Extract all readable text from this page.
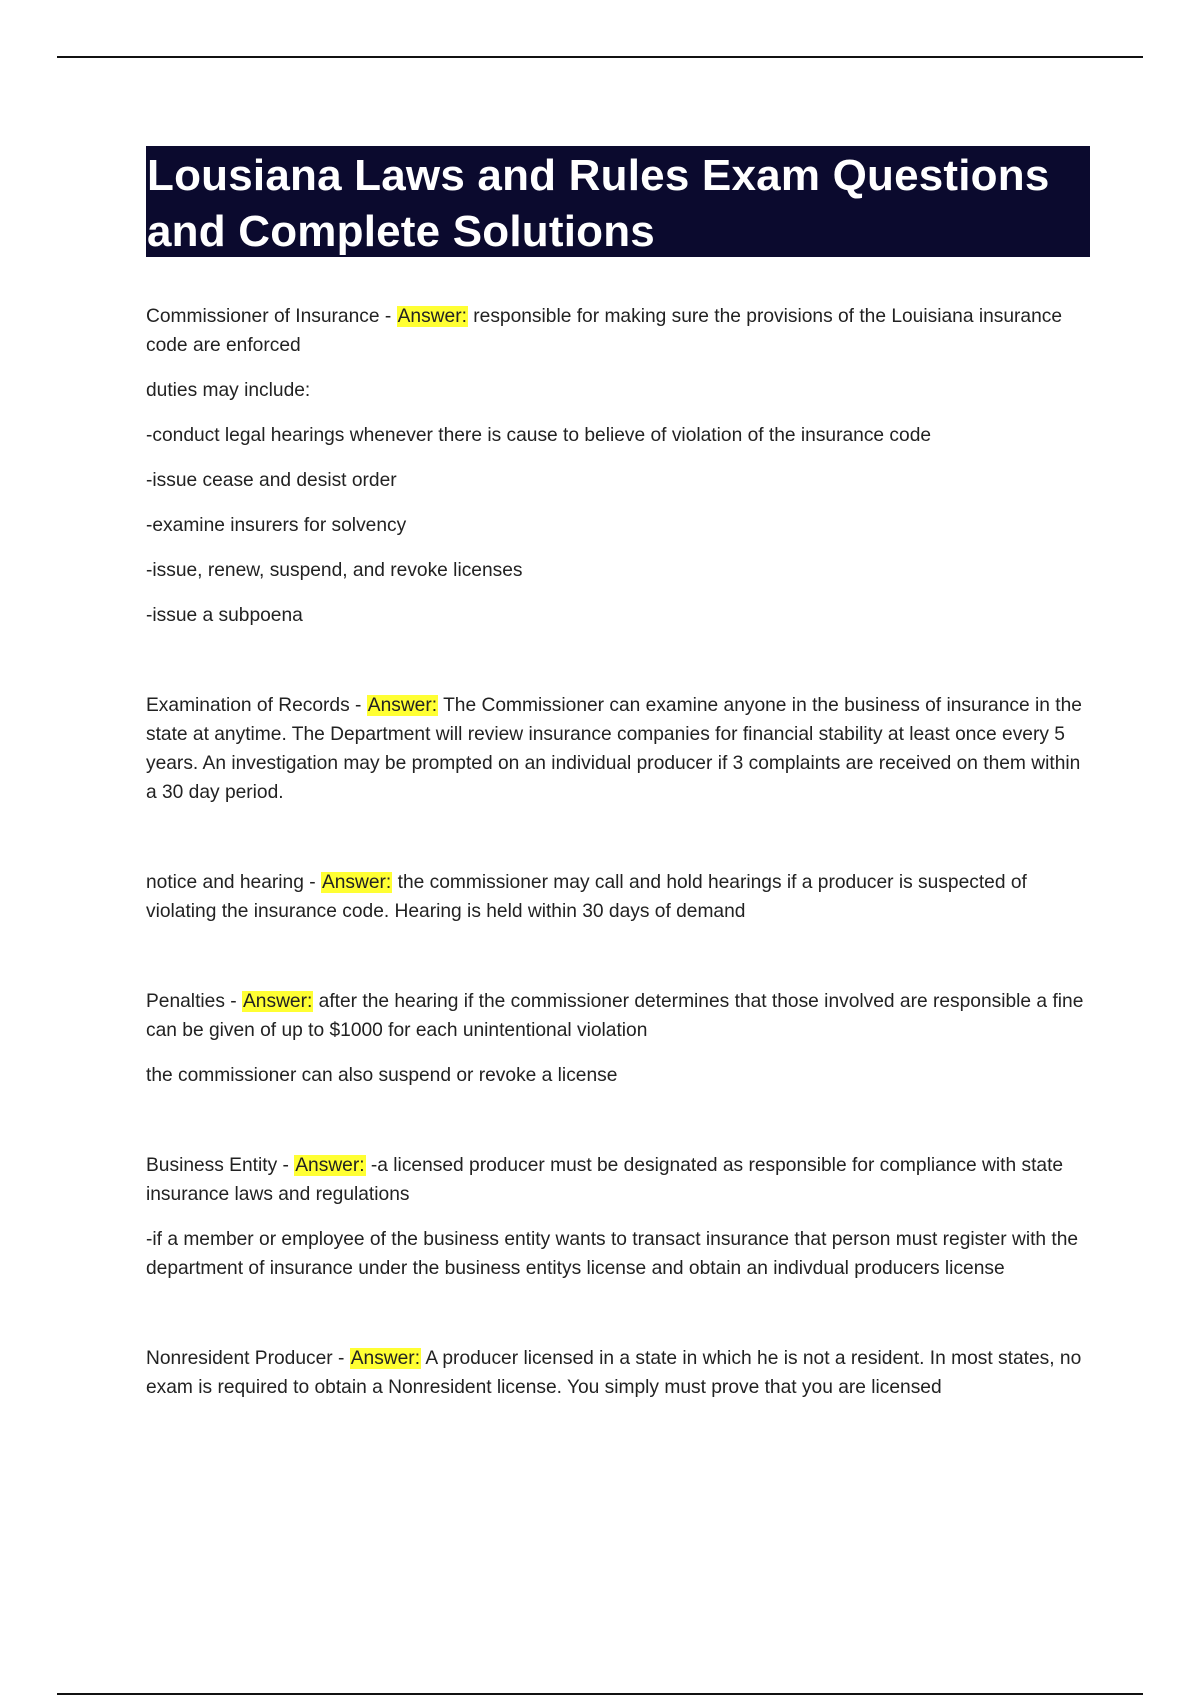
Lousiana Laws and Rules Exam Questions and Complete Solutions

Commissioner of Insurance - Answer: responsible for making sure the provisions of the Louisiana insurance code are enforced

duties may include:

-conduct legal hearings whenever there is cause to believe of violation of the insurance code

-issue cease and desist order

-examine insurers for solvency

-issue, renew, suspend, and revoke licenses

-issue a subpoena

Examination of Records - Answer: The Commissioner can examine anyone in the business of insurance in the state at anytime. The Department will review insurance companies for financial stability at least once every 5 years. An investigation may be prompted on an individual producer if 3 complaints are received on them within a 30 day period.

notice and hearing - Answer: the commissioner may call and hold hearings if a producer is suspected of violating the insurance code. Hearing is held within 30 days of demand

Penalties - Answer: after the hearing if the commissioner determines that those involved are responsible a fine can be given of up to $1000 for each unintentional violation

the commissioner can also suspend or revoke a license

Business Entity - Answer: -a licensed producer must be designated as responsible for compliance with state insurance laws and regulations

-if a member or employee of the business entity wants to transact insurance that person must register with the department of insurance under the business entitys license and obtain an indivdual producers license

Nonresident Producer - Answer: A producer licensed in a state in which he is not a resident. In most states, no exam is required to obtain a Nonresident license. You simply must prove that you are licensed
